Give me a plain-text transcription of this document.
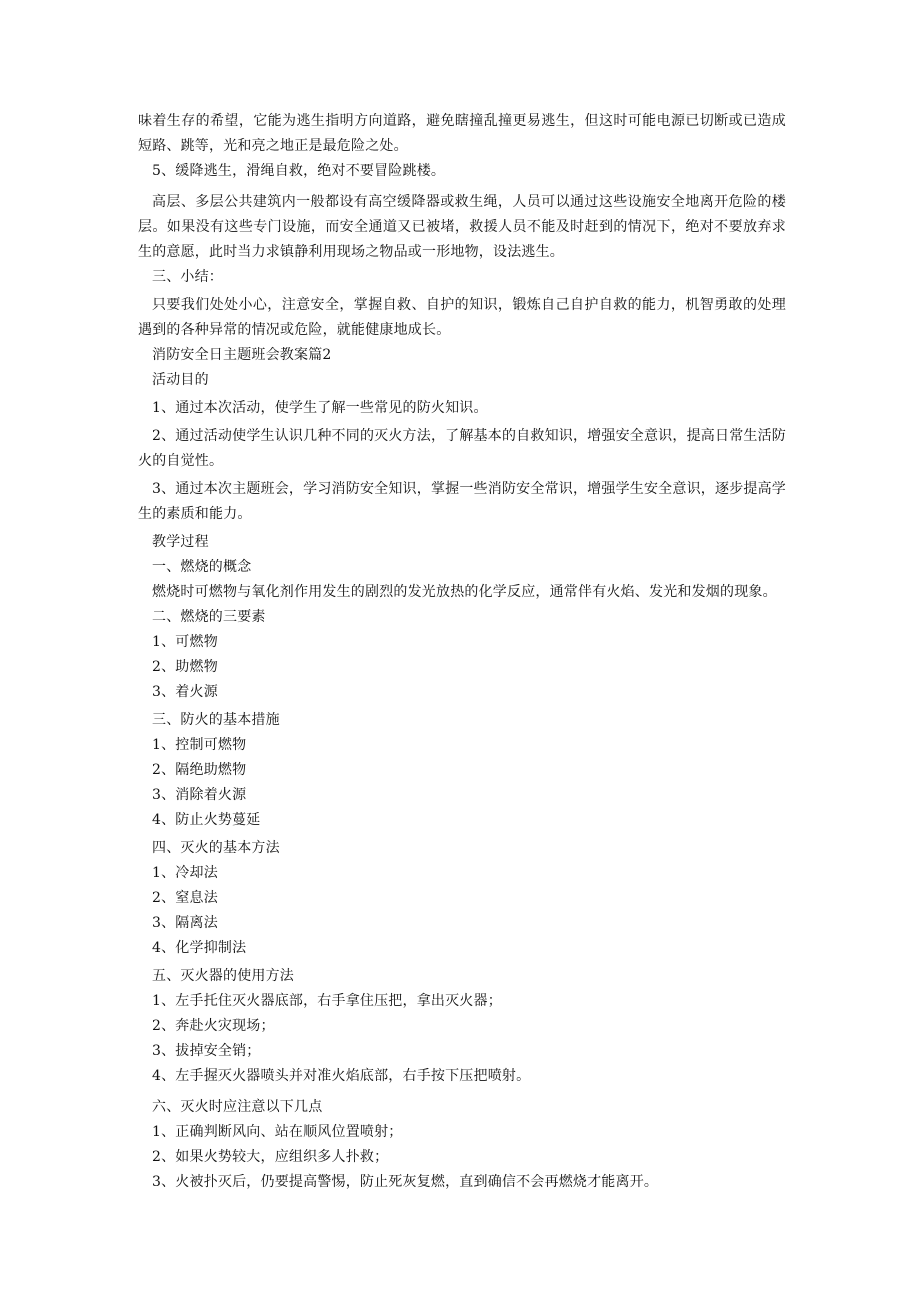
味着生存的希望，它能为逃生指明方向道路，避免瞎撞乱撞更易逃生，但这时可能电源已切断或已造成短路、跳等，光和亮之地正是最危险之处。

5、缓降逃生，滑绳自救，绝对不要冒险跳楼。

高层、多层公共建筑内一般都设有高空缓降器或救生绳，人员可以通过这些设施安全地离开危险的楼层。如果没有这些专门设施，而安全通道又已被堵，救援人员不能及时赶到的情况下，绝对不要放弃求生的意愿，此时当力求镇静利用现场之物品或一形地物，设法逃生。

三、小结：

只要我们处处小心，注意安全，掌握自救、自护的知识，锻炼自己自护自救的能力，机智勇敢的处理遇到的各种异常的情况或危险，就能健康地成长。

消防安全日主题班会教案篇2

活动目的

1、通过本次活动，使学生了解一些常见的防火知识。

2、通过活动使学生认识几种不同的灭火方法，了解基本的自救知识，增强安全意识，提高日常生活防火的自觉性。

3、通过本次主题班会，学习消防安全知识，掌握一些消防安全常识，增强学生安全意识，逐步提高学生的素质和能力。

教学过程

一、燃烧的概念

燃烧时可燃物与氧化剂作用发生的剧烈的发光放热的化学反应，通常伴有火焰、发光和发烟的现象。

二、燃烧的三要素

1、可燃物

2、助燃物

3、着火源

三、防火的基本措施

1、控制可燃物

2、隔绝助燃物

3、消除着火源

4、防止火势蔓延

四、灭火的基本方法

1、冷却法

2、窒息法

3、隔离法

4、化学抑制法

五、灭火器的使用方法

1、左手托住灭火器底部，右手拿住压把，拿出灭火器；

2、奔赴火灾现场；

3、拔掉安全销；

4、左手握灭火器喷头并对准火焰底部，右手按下压把喷射。

六、灭火时应注意以下几点

1、正确判断风向、站在顺风位置喷射；

2、如果火势较大，应组织多人扑救；

3、火被扑灭后，仍要提高警惕，防止死灰复燃，直到确信不会再燃烧才能离开。
